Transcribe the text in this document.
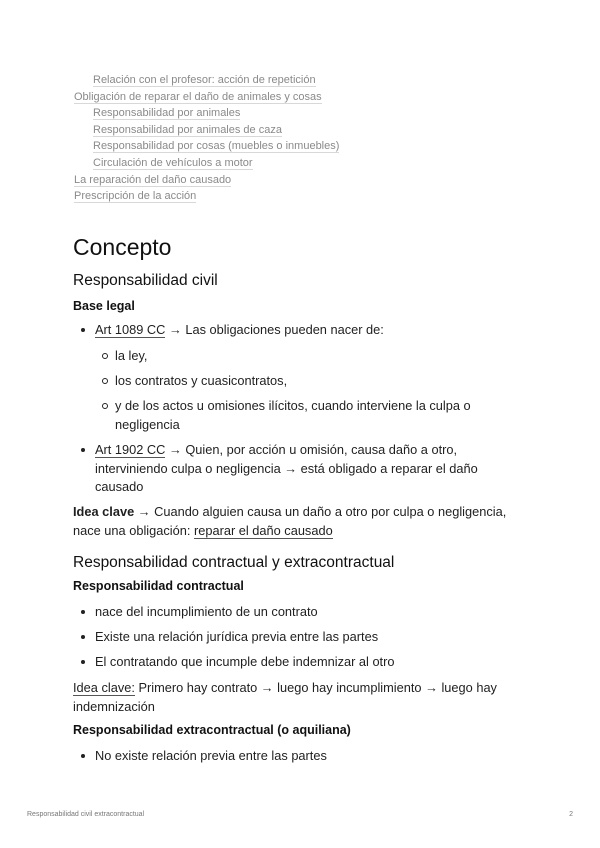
Relación con el profesor: acción de repetición
Obligación de reparar el daño de animales y cosas
Responsabilidad por animales
Responsabilidad por animales de caza
Responsabilidad por cosas (muebles o inmuebles)
Circulación de vehículos a motor
La reparación del daño causado
Prescripción de la acción
Concepto
Responsabilidad civil
Base legal
Art 1089 CC → Las obligaciones pueden nacer de:
la ley,
los contratos y cuasicontratos,
y de los actos u omisiones ilícitos, cuando interviene la culpa o negligencia
Art 1902 CC → Quien, por acción u omisión, causa daño a otro, interviniendo culpa o negligencia → está obligado a reparar el daño causado

Idea clave → Cuando alguien causa un daño a otro por culpa o negligencia, nace una obligación: reparar el daño causado

Responsabilidad contractual y extracontractual
Responsabilidad contractual
nace del incumplimiento de un contrato
Existe una relación jurídica previa entre las partes
El contratando que incumple debe indemnizar al otro

Idea clave: Primero hay contrato → luego hay incumplimiento → luego hay indemnización

Responsabilidad extracontractual (o aquiliana)
No existe relación previa entre las partes
Responsabilidad civil extracontractual	2
